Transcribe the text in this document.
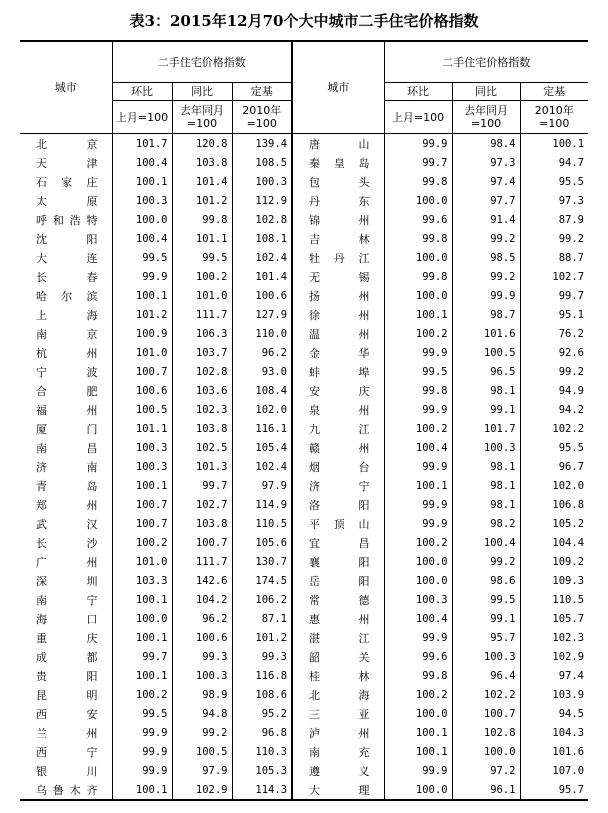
表3：2015年12月70个大中城市二手住宅价格指数
城市	二手住宅价格指数			城市	二手住宅价格指数		
	环比	同比	定基		环比	同比	定基
	上月=100	去年同月=100	2010年=100		上月=100	去年同月=100	2010年=100

北京	101.7	120.8	139.4	唐山	99.9	98.4	100.1

天津	100.4	103.8	108.5	秦皇岛	99.7	97.3	94.7

石家庄	100.1	101.4	100.3	包头	99.8	97.4	95.5

太原	100.3	101.2	112.9	丹东	100.0	97.7	97.3

呼和浩特	100.0	99.8	102.8	锦州	99.6	91.4	87.9

沈阳	100.4	101.1	108.1	吉林	99.8	99.2	99.2

大连	99.5	99.5	102.4	牡丹江	100.0	98.5	88.7

长春	99.9	100.2	101.4	无锡	99.8	99.2	102.7

哈尔滨	100.1	101.0	100.6	扬州	100.0	99.9	99.7

上海	101.2	111.7	127.9	徐州	100.1	98.7	95.1

南京	100.9	106.3	110.0	温州	100.2	101.6	76.2

杭州	101.0	103.7	96.2	金华	99.9	100.5	92.6

宁波	100.7	102.8	93.0	蚌埠	99.5	96.5	99.2

合肥	100.6	103.6	108.4	安庆	99.8	98.1	94.9

福州	100.5	102.3	102.0	泉州	99.9	99.1	94.2

厦门	101.1	103.8	116.1	九江	100.2	101.7	102.2

南昌	100.3	102.5	105.4	赣州	100.4	100.3	95.5

济南	100.3	101.3	102.4	烟台	99.9	98.1	96.7

青岛	100.1	99.7	97.9	济宁	100.1	98.1	102.0

郑州	100.7	102.7	114.9	洛阳	99.9	98.1	106.8

武汉	100.7	103.8	110.5	平顶山	99.9	98.2	105.2

长沙	100.2	100.7	105.6	宜昌	100.2	100.4	104.4

广州	101.0	111.7	130.7	襄阳	100.0	99.2	109.2

深圳	103.3	142.6	174.5	岳阳	100.0	98.6	109.3

南宁	100.1	104.2	106.2	常德	100.3	99.5	110.5

海口	100.0	96.2	87.1	惠州	100.4	99.1	105.7

重庆	100.1	100.6	101.2	湛江	99.9	95.7	102.3

成都	99.7	99.3	99.3	韶关	99.6	100.3	102.9

贵阳	100.1	100.3	116.8	桂林	99.8	96.4	97.4

昆明	100.2	98.9	108.6	北海	100.2	102.2	103.9

西安	99.5	94.8	95.2	三亚	100.0	100.7	94.5

兰州	99.9	99.2	96.8	泸州	100.1	102.8	104.3

西宁	99.9	100.5	110.3	南充	100.1	100.0	101.6

银川	99.9	97.9	105.3	遵义	99.9	97.2	107.0

乌鲁木齐	100.1	102.9	114.3	大理	100.0	96.1	95.7
